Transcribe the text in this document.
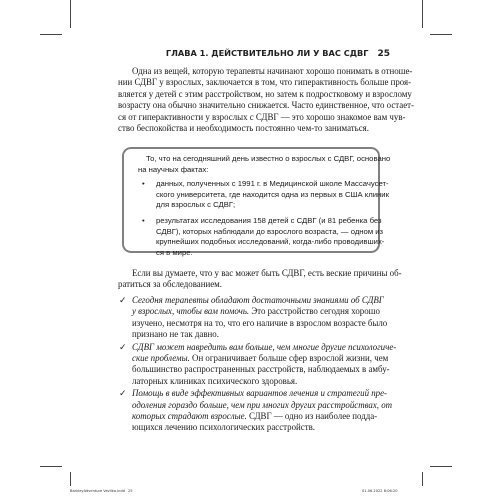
ГЛАВА 1. ДЕЙСТВИТЕЛЬНО ЛИ У ВАС СДВГ 25
Одна из вещей, которую терапевты начинают хорошо понимать в отноше-
нии СДВГ у взрослых, заключается в том, что гиперактивность больше проя-
вляется у детей с этим расстройством, но затем к подростковому и взрослому
возрасту она обычно значительно снижается. Часто единственное, что остает-
ся от гиперактивности у взрослых с СДВГ — это хорошо знакомое вам чув-
ство беспокойства и необходимость постоянно чем-то заниматься.
То, что на сегодняшний день известно о взрослых с СДВГ, основано
на научных фактах:
• данных, полученных с 1991 г. в Медицинской школе Массачусет-
ского университета, где находится одна из первых в США клиник
для взрослых с СДВГ;
• результатах исследования 158 детей с СДВГ (и 81 ребенка без
СДВГ), которых наблюдали до взрослого возраста, — одном из
крупнейших подобных исследований, когда-либо проводивших-
ся в мире.
Если вы думаете, что у вас может быть СДВГ, есть веские причины об-
ратиться за обследованием.
✓ Сегодня терапевты обладают достаточными знаниями об СДВГ
у взрослых, чтобы вам помочь. Это расстройство сегодня хорошо
изучено, несмотря на то, что его наличие в взрослом возрасте было
признано не так давно.
✓ СДВГ может навредить вам больше, чем многие другие психологиче-
ские проблемы. Он ограничивает больше сфер взрослой жизни, чем
большинство распространенных расстройств, наблюдаемых в амбу-
латорных клиниках психического здоровья.
✓ Помощь в виде эффективных вариантов лечения и стратегий пре-
одоления гораздо больше, чем при многих других расстройствах, от
которых страдают взрослые. СДВГ — одно из наиболее подда-
ющихся лечению психологических расстройств.
BarkleyAdventure Vevilka.indd 25	01.06.2022 8:06:20
